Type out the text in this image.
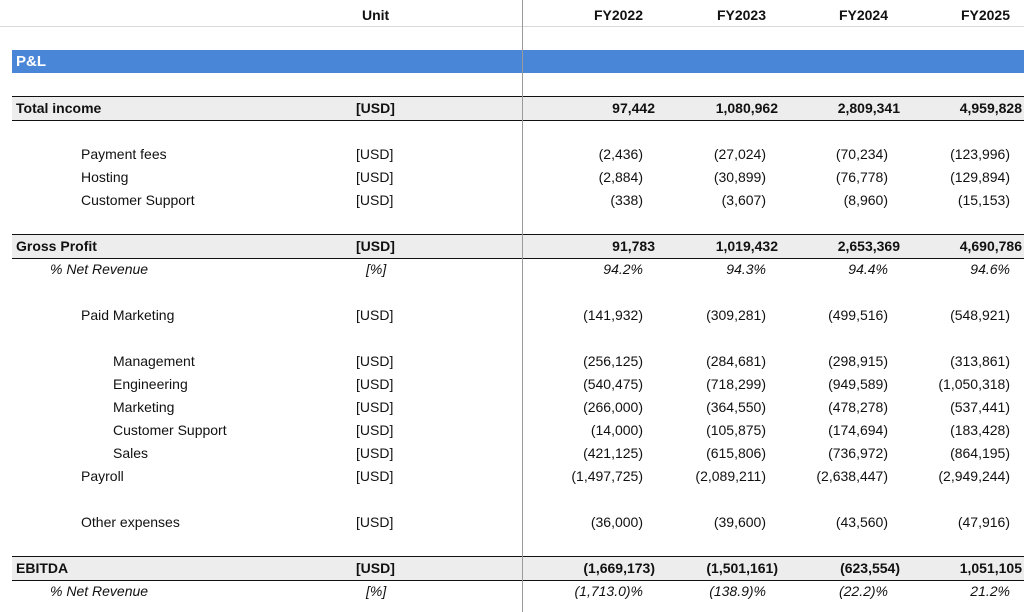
Unit	FY2022	FY2023	FY2024	FY2025
P&L
Total income	[USD]	97,442	1,080,962	2,809,341	4,959,828
Payment fees	[USD]	(2,436)	(27,024)	(70,234)	(123,996)
Hosting	[USD]	(2,884)	(30,899)	(76,778)	(129,894)
Customer Support	[USD]	(338)	(3,607)	(8,960)	(15,153)
Gross Profit	[USD]	91,783	1,019,432	2,653,369	4,690,786
% Net Revenue	[%]	94.2%	94.3%	94.4%	94.6%
Paid Marketing	[USD]	(141,932)	(309,281)	(499,516)	(548,921)
Management	[USD]	(256,125)	(284,681)	(298,915)	(313,861)
Engineering	[USD]	(540,475)	(718,299)	(949,589)	(1,050,318)
Marketing	[USD]	(266,000)	(364,550)	(478,278)	(537,441)
Customer Support	[USD]	(14,000)	(105,875)	(174,694)	(183,428)
Sales	[USD]	(421,125)	(615,806)	(736,972)	(864,195)
Payroll	[USD]	(1,497,725)	(2,089,211)	(2,638,447)	(2,949,244)
Other expenses	[USD]	(36,000)	(39,600)	(43,560)	(47,916)
EBITDA	[USD]	(1,669,173)	(1,501,161)	(623,554)	1,051,105
% Net Revenue	[%]	(1,713.0)%	(138.9)%	(22.2)%	21.2%
